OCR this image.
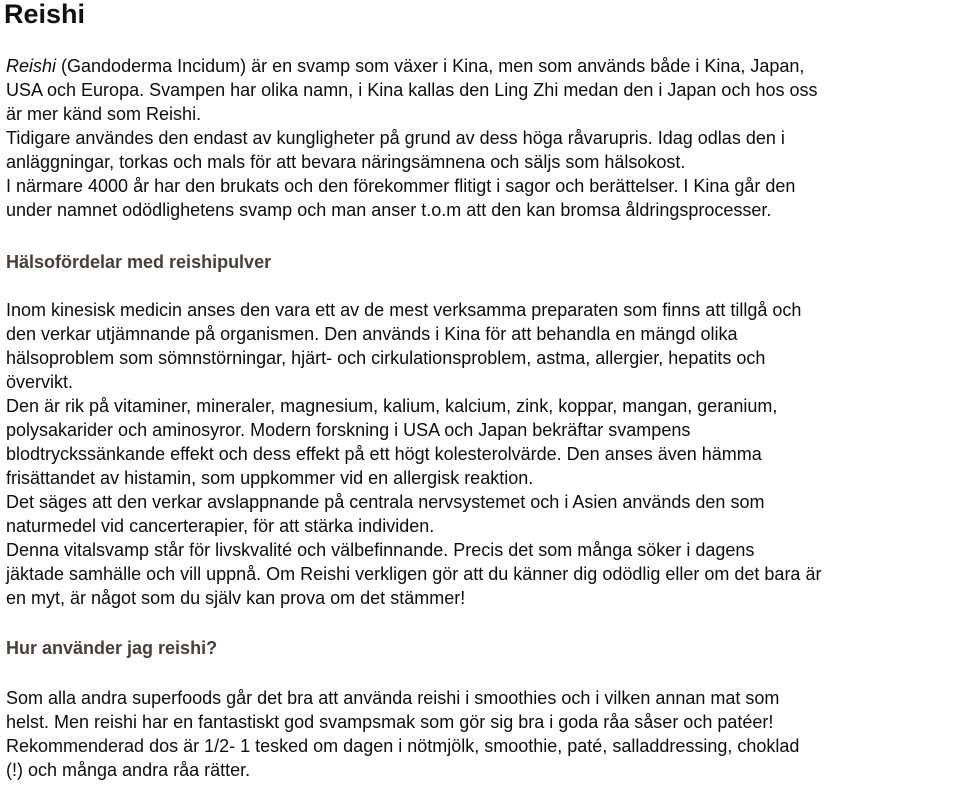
Reishi
Reishi (Gandoderma Incidum) är en svamp som växer i Kina, men som används både i Kina, Japan,
USA och Europa. Svampen har olika namn, i Kina kallas den Ling Zhi medan den i Japan och hos oss
är mer känd som Reishi.
Tidigare användes den endast av kungligheter på grund av dess höga råvarupris. Idag odlas den i
anläggningar, torkas och mals för att bevara näringsämnena och säljs som hälsokost.
I närmare 4000 år har den brukats och den förekommer flitigt i sagor och berättelser. I Kina går den
under namnet odödlighetens svamp och man anser t.o.m att den kan bromsa åldringsprocesser.
Hälsofördelar med reishipulver
Inom kinesisk medicin anses den vara ett av de mest verksamma preparaten som finns att tillgå och
den verkar utjämnande på organismen. Den används i Kina för att behandla en mängd olika
hälsoproblem som sömnstörningar, hjärt- och cirkulationsproblem, astma, allergier, hepatits och
övervikt.
Den är rik på vitaminer, mineraler, magnesium, kalium, kalcium, zink, koppar, mangan, geranium,
polysakarider och aminosyror. Modern forskning i USA och Japan bekräftar svampens
blodtryckssänkande effekt och dess effekt på ett högt kolesterolvärde. Den anses även hämma
frisättandet av histamin, som uppkommer vid en allergisk reaktion.
Det säges att den verkar avslappnande på centrala nervsystemet och i Asien används den som
naturmedel vid cancerterapier, för att stärka individen.
Denna vitalsvamp står för livskvalité och välbefinnande. Precis det som många söker i dagens
jäktade samhälle och vill uppnå. Om Reishi verkligen gör att du känner dig odödlig eller om det bara är
en myt, är något som du själv kan prova om det stämmer!
Hur använder jag reishi?
Som alla andra superfoods går det bra att använda reishi i smoothies och i vilken annan mat som
helst. Men reishi har en fantastiskt god svampsmak som gör sig bra i goda råa såser och patéer!
Rekommenderad dos är 1/2- 1 tesked om dagen i nötmjölk, smoothie, paté, salladdressing, choklad
(!) och många andra råa rätter.
